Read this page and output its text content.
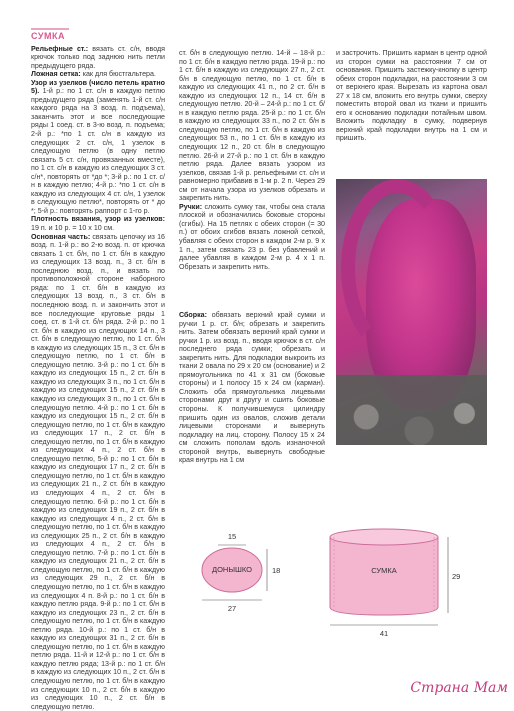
СУМКА

Рельефные ст.: вязать ст. с/н, вводя крючок только под заднюю нить петли предыдущего ряда.

Ложная сетка: как для бюстгальтера.

Узор из узелков (число петель кратно 5). 1-й р.: по 1 ст. с/н в каждую петлю предыдущего ряда (заменять 1-й ст. с/н каждого ряда на 3 возд. п. подъема), заканчить этот и все последующие ряды 1 соед. ст. в 3-ю возд. п. подъема; 2-й р.: *по 1 ст. с/н в каждую из следующих 2 ст. с/н, 1 узелок в следующую петлю (в одну петлю связать 5 ст. с/н, провязанных вместе), по 1 ст. с/н в каждую из следующих 3 ст. с/н*, повторять от *до *; 3-й р.: по 1 ст. с/н в каждую петлю; 4-й р.: *по 1 ст. с/н в каждую из следующих 4 ст. с/н, 1 узелок в следующую петлю*, повторять от * до *; 5-й р.: повторять раппорт с 1-го р.

Плотность вязания, узор из узелков: 19 п. и 10 р. = 10 х 10 см.

Основная часть: связать цепочку из 16 возд. п. 1-й р.: во 2-ю возд. п. от крючка связать 1 ст. б/н, по 1 ст. б/н в каждую из следующих 13 возд. п., 3 ст. б/н в последнюю возд. п., и вязать по противоположной стороне наборного ряда: по 1 ст. б/н в каждую из следующих 13 возд. п., 3 ст. б/н в последнюю возд. п. и закончить этот и все последующие круговые ряды 1 соед. ст. в 1-й ст. б/н ряда. 2-й р.: по 1 ст. б/н в каждую из следующих 14 п., 3 ст. б/н в следующую петлю, по 1 ст. б/н в каждую из следующих 15 п., 3 ст. б/н в следующую петлю, по 1 ст. б/н в следующую петлю. 3-й р.: по 1 ст. б/н в каждую из следующих 15 п., 2 ст. б/н в каждую из следующих 3 п., по 1 ст. б/н в каждую из следующих 15 п., 2 ст. б/н в каждую из следующих 3 п., по 1 ст. б/н в следующую петлю. 4-й р.: по 1 ст. б/н в каждую из следующих 15 п., 2 ст. б/н в следующую петлю, по 1 ст. б/н в каждую из следующих 17 п., 2 ст. б/н в следующую петлю, по 1 ст. б/н в каждую из следующих 4 п., 2 ст. б/н в следующую петлю, 5-й р.: по 1 ст. б/н в каждую из следующих 17 п., 2 ст. б/н в следующую петлю, по 1 ст. б/н в каждую из следующих 21 п., 2 ст. б/н в каждую из следующих 4 п., 2 ст. б/н в следующую петлю. 6-й р.: по 1 ст. б/н в каждую из следующих 19 п., 2 ст. б/н в каждую из следующих 4 п., 2 ст. б/н в следующую петлю, по 1 ст. б/н в каждую из следующих 25 п., 2 ст. б/н в каждую из следующих 4 п., 2 ст. б/н в следующую петлю. 7-й р.: по 1 ст. б/н в каждую из следующих 21 п., 2 ст. б/н в следующую петлю, по 1 ст. б/н в каждую из следующих 29 п., 2 ст. б/н в следующую петлю, по 1 ст. б/н в каждую из следующих 4 п. 8-й р.: по 1 ст. б/н в каждую петлю ряда. 9-й р.: по 1 ст. б/н в каждую из следующих 23 п., 2 ст. б/н в следующую петлю, по 1 ст. б/н в каждую петлю ряда. 10-й р.: по 1 ст. б/н в каждую из следующих 31 п., 2 ст. б/н в следующую петлю, по 1 ст. б/н в каждую петлю ряда. 11-й и 12-й р.: по 1 ст. б/н в каждую петлю ряда; 13-й р.: по 1 ст. б/н в каждую из следующих 10 п., 2 ст. б/н в следующую петлю, по 1 ст. б/н в каждую из следующих 10 п., 2 ст. б/н в каждую из следующих 10 п., 2 ст. б/н в следующую петлю.

ст. б/н в следующую петлю. 14-й – 18-й р.: по 1 ст. б/н в каждую петлю ряда. 19-й р.: по 1 ст. б/н в каждую из следующих 27 п., 2 ст. б/н в следующую петлю, по 1 ст. б/н в каждую из следующих 41 п., по 2 ст. б/н в каждую из следующих 12 п., 14 ст. б/н в следующую петлю. 20-й – 24-й р.: по 1 ст. б/н в каждую петлю ряда. 25-й р.: по 1 ст. б/н в каждую из следующих 33 п., по 2 ст. б/н в следующую петлю, по 1 ст. б/н в каждую из следующих 53 п., по 1 ст. б/н в каждую из следующих 12 п., 20 ст. б/н в следующую петлю. 26-й и 27-й р.: по 1 ст. б/н в каждую петлю ряда. Далее вязать узором из узелков, связав 1-й р. рельефными ст. с/н и равномерно прибавив в 1-м р. 2 п. Через 29 см от начала узора из узелков обрезать и закрепить нить.

Ручки: сложить сумку так, чтобы она стала плоской и обозначились боковые стороны (сгибы). На 15 петлях с обеих сторон (= 30 п.) от обоих сгибов вязать ложной сеткой, убавляя с обеих сторон в каждом 2-м р. 9 х 1 п., затем связать 23 р. без убавлений и далее убавляя в каждом 2-м р. 4 х 1 п. Обрезать и закрепить нить.

Сборка: обвязать верхний край сумки и ручки 1 р. ст. б/н; обрезать и закрепить нить. Затем обвязать верхний край сумки и ручки 1 р. из возд. п., вводя крючок в ст. с/н последнего ряда сумки; обрезать и закрепить нить. Для подкладки выкроить из ткани 2 овала по 29 х 20 см (основание) и 2 прямоугольника по 41 х 31 см (боковые стороны) и 1 полосу 15 х 24 см (карман). Сложить оба прямоугольника лицевыми сторонами друг к другу и сшить боковые стороны. К получившемуся цилиндру пришить один из овалов, сложив детали лицевыми сторонами и вывернуть подкладку на лиц. сторону. Полосу 15 х 24 см сложить пополам вдоль изнаночной стороной внутрь, вывернуть свободные края внутрь на 1 см

и застрочить. Пришить карман в центр одной из сторон сумки на расстоянии 7 см от основания. Пришить застежку-кнопку в центр обеих сторон подкладки, на расстоянии 3 см от верхнего края. Вырезать из картона овал 27 х 18 см, вложить его внутрь сумки, сверху поместить второй овал из ткани и пришить его к основанию подкладки потайным швом. Вложить подкладку в сумку, подвернув верхний край подкладки внутрь на 1 см и пришить.

ДОНЫШКО
15
18
27
СУМКА
29
41
Страна Мам
